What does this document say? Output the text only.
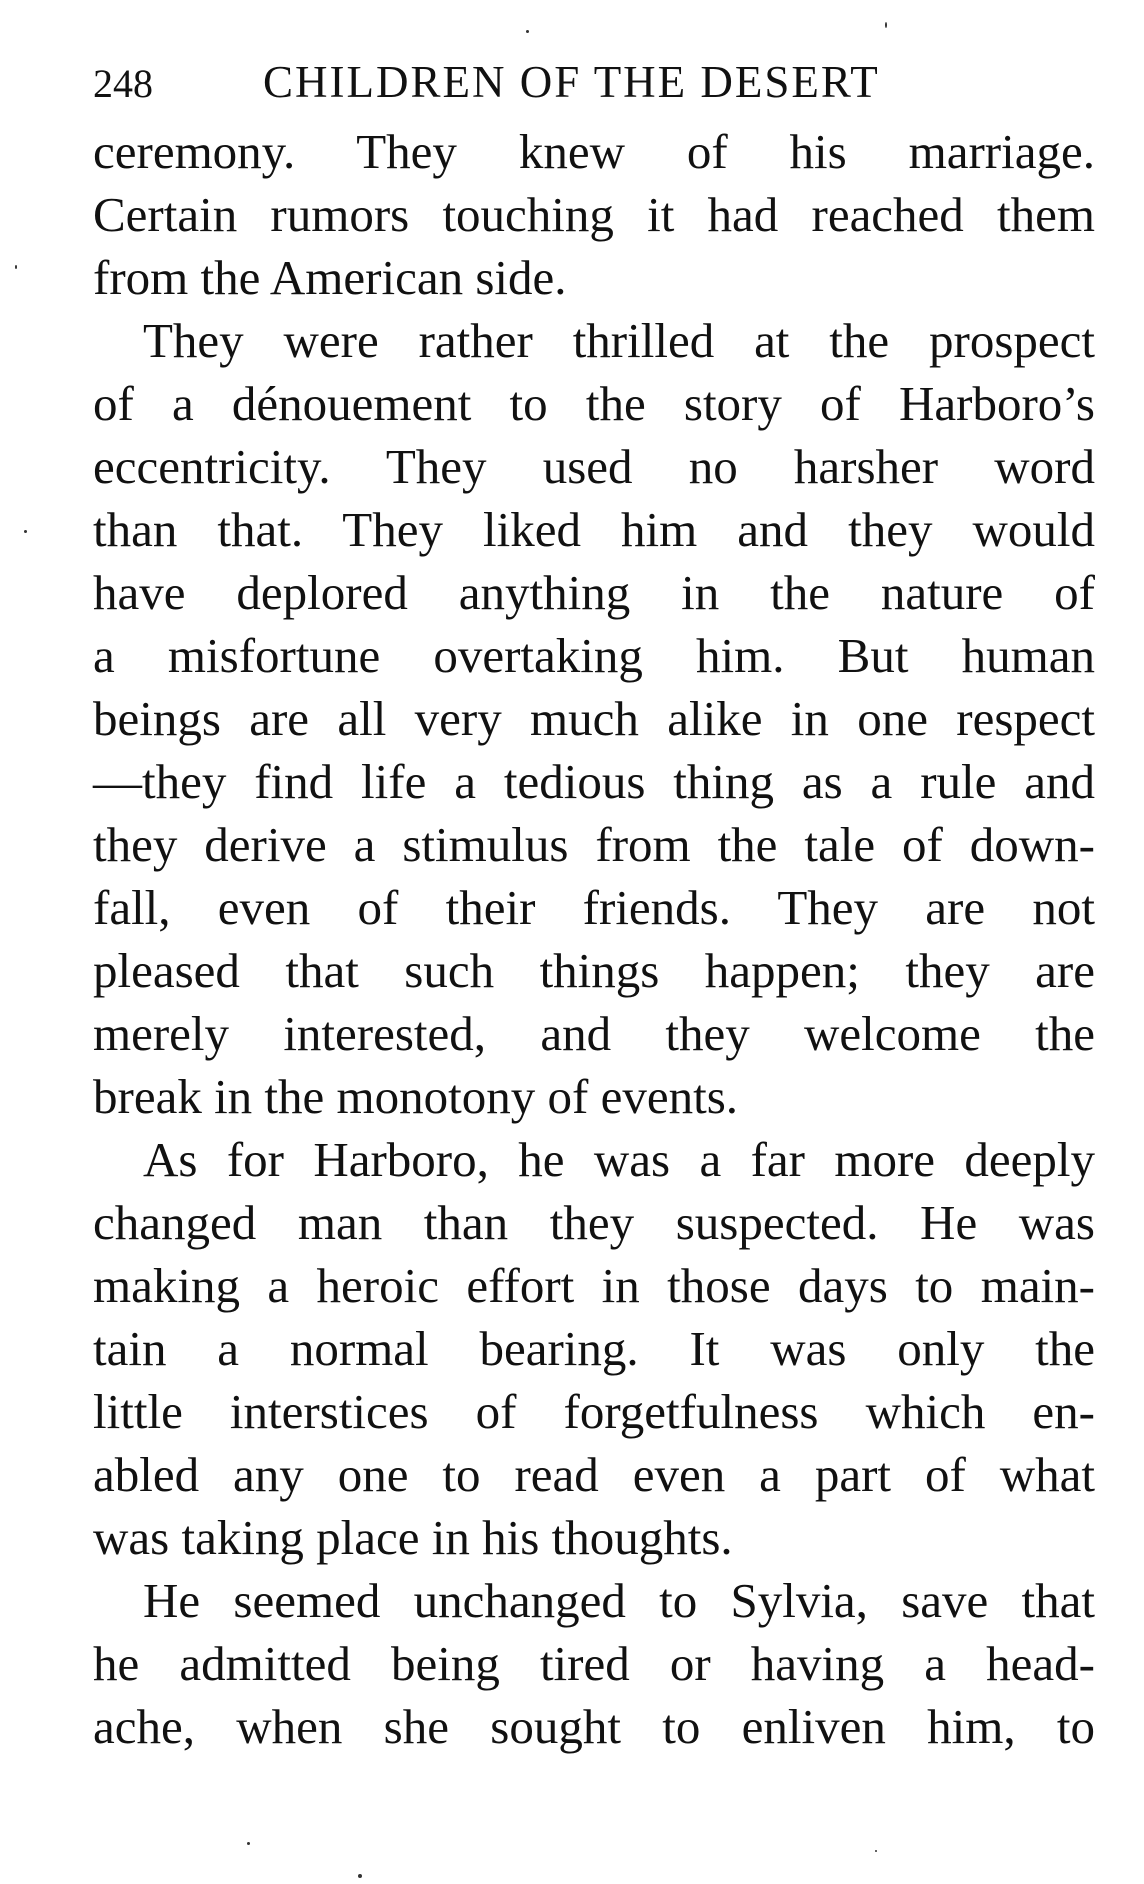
248 CHILDREN OF THE DESERT
ceremony. They knew of his marriage.
Certain rumors touching it had reached them
from the American side.
They were rather thrilled at the prospect
of a dénouement to the story of Harboro’s
eccentricity. They used no harsher word
than that. They liked him and they would
have deplored anything in the nature of
a misfortune overtaking him. But human
beings are all very much alike in one respect
—they find life a tedious thing as a rule and
they derive a stimulus from the tale of down-
fall, even of their friends. They are not
pleased that such things happen; they are
merely interested, and they welcome the
break in the monotony of events.
As for Harboro, he was a far more deeply
changed man than they suspected. He was
making a heroic effort in those days to main-
tain a normal bearing. It was only the
little interstices of forgetfulness which en-
abled any one to read even a part of what
was taking place in his thoughts.
He seemed unchanged to Sylvia, save that
he admitted being tired or having a head-
ache, when she sought to enliven him, to
